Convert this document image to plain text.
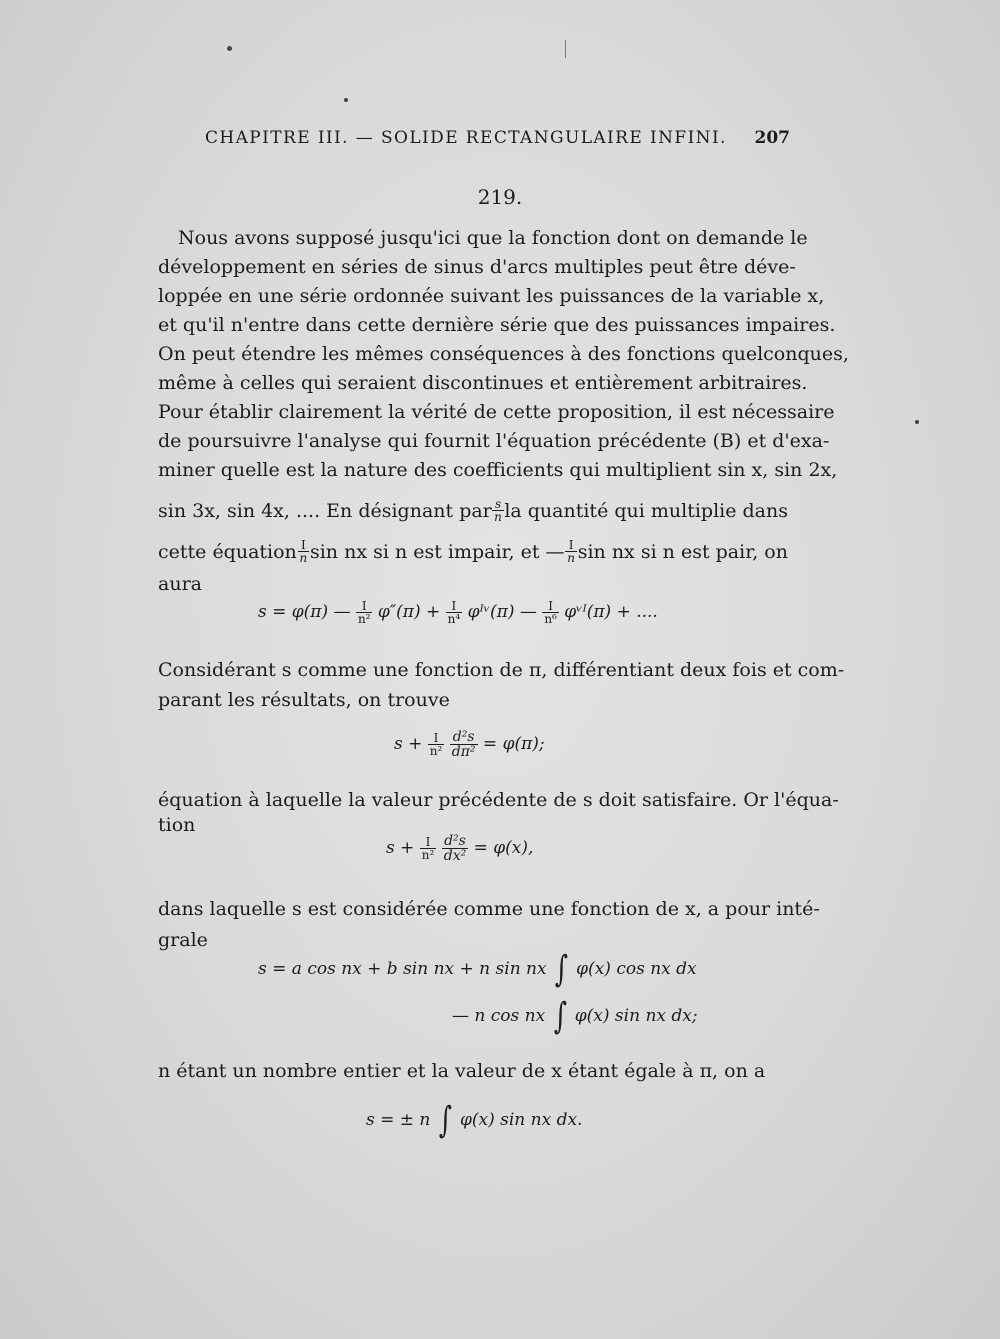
CHAPITRE III. — SOLIDE RECTANGULAIRE INFINI. 207
219.
Nous avons supposé jusqu'ici que la fonction dont on demande le
développement en séries de sinus d'arcs multiples peut être déve-
loppée en une série ordonnée suivant les puissances de la variable x,
et qu'il n'entre dans cette dernière série que des puissances impaires.
On peut étendre les mêmes conséquences à des fonctions quelconques,
même à celles qui seraient discontinues et entièrement arbitraires.
Pour établir clairement la vérité de cette proposition, il est nécessaire
de poursuivre l'analyse qui fournit l'équation précédente (B) et d'exa-
miner quelle est la nature des coefficients qui multiplient sin x, sin 2x,
sin 3x, sin 4x, .... En désignant par $\frac{s}{n}$ la quantité qui multiplie dans
cette équation $\frac{I}{n}$ sin nx si n est impair, et — $\frac{I}{n}$ sin nx si n est pair, on
aura
s = φ(π) — $\frac{I}{\text{n²}} \varphi''(\pi) + \frac{I}{\text{n⁴}}$ φᴵᵛ(π) — $\frac{I}{\text{n⁶}}$ φᵛᴵ(π) + ....
Considérant s comme une fonction de π, différentiant deux fois et com-
parant les résultats, on trouve
$s + \frac{I}{\text{n²}}$
$\frac{\text{d²s}}{\text{dπ²}} = \varphi(\pi)$;
équation à laquelle la valeur précédente de s doit satisfaire. Or l'équa-
tion
$s + \frac{I}{\text{n²}}$
$\frac{\text{d²s}}{\text{dx²}} = \varphi(x)$,
dans laquelle s est considérée comme une fonction de x, a pour inté-
grale
s = a cos nx + b sin nx + n sin nx ∫ φ(x) cos nx dx
— n cos nx ∫ φ(x) sin nx dx;
n étant un nombre entier et la valeur de x étant égale à π, on a
s = ± n ∫ φ(x) sin nx dx.
